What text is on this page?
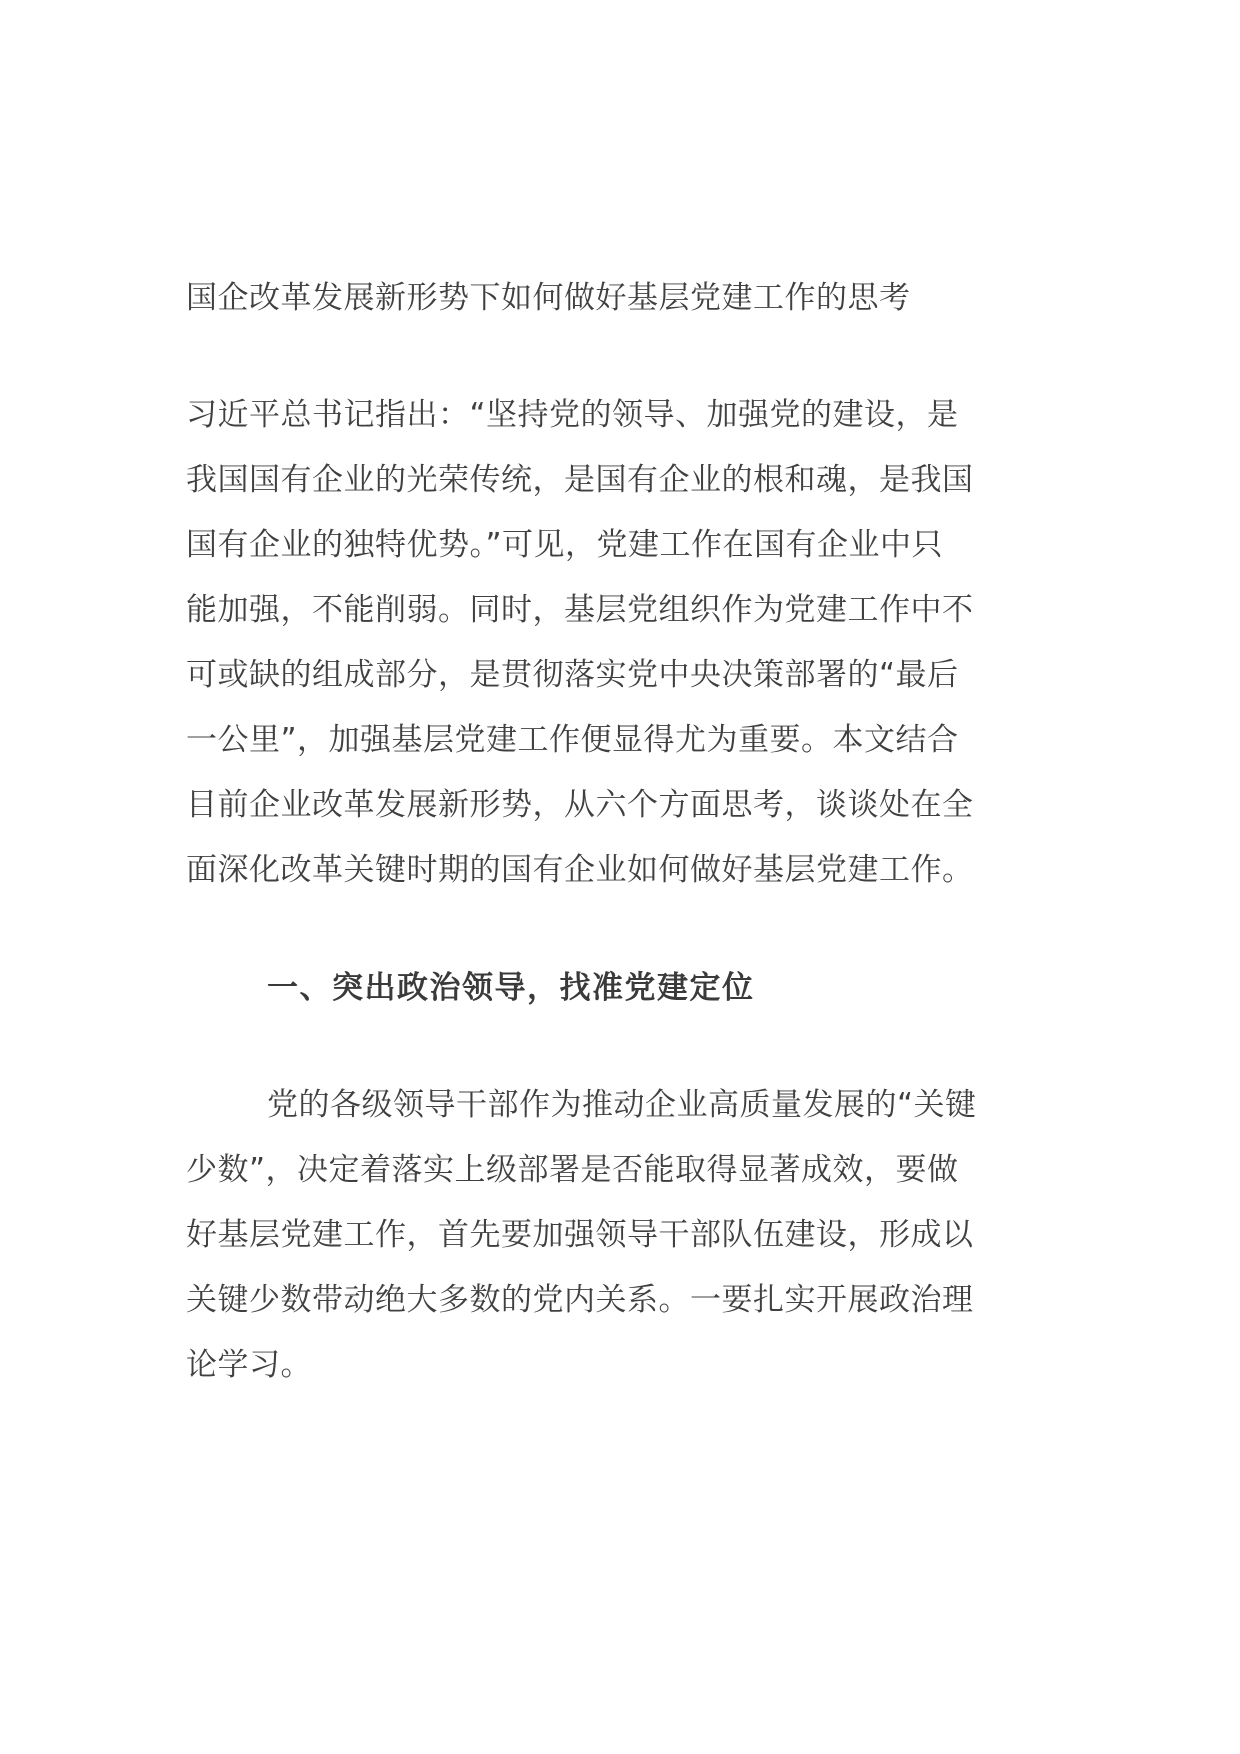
国企改革发展新形势下如何做好基层党建工作的思考
习近平总书记指出：“坚持党的领导、加强党的建设，是
我国国有企业的光荣传统，是国有企业的根和魂，是我国
国有企业的独特优势。”可见，党建工作在国有企业中只
能加强，不能削弱。同时，基层党组织作为党建工作中不
可或缺的组成部分，是贯彻落实党中央决策部署的“最后
一公里”，加强基层党建工作便显得尤为重要。本文结合
目前企业改革发展新形势，从六个方面思考，谈谈处在全
面深化改革关键时期的国有企业如何做好基层党建工作。
一、突出政治领导，找准党建定位
党的各级领导干部作为推动企业高质量发展的“关键
少数”，决定着落实上级部署是否能取得显著成效，要做
好基层党建工作，首先要加强领导干部队伍建设，形成以
关键少数带动绝大多数的党内关系。一要扎实开展政治理
论学习。
